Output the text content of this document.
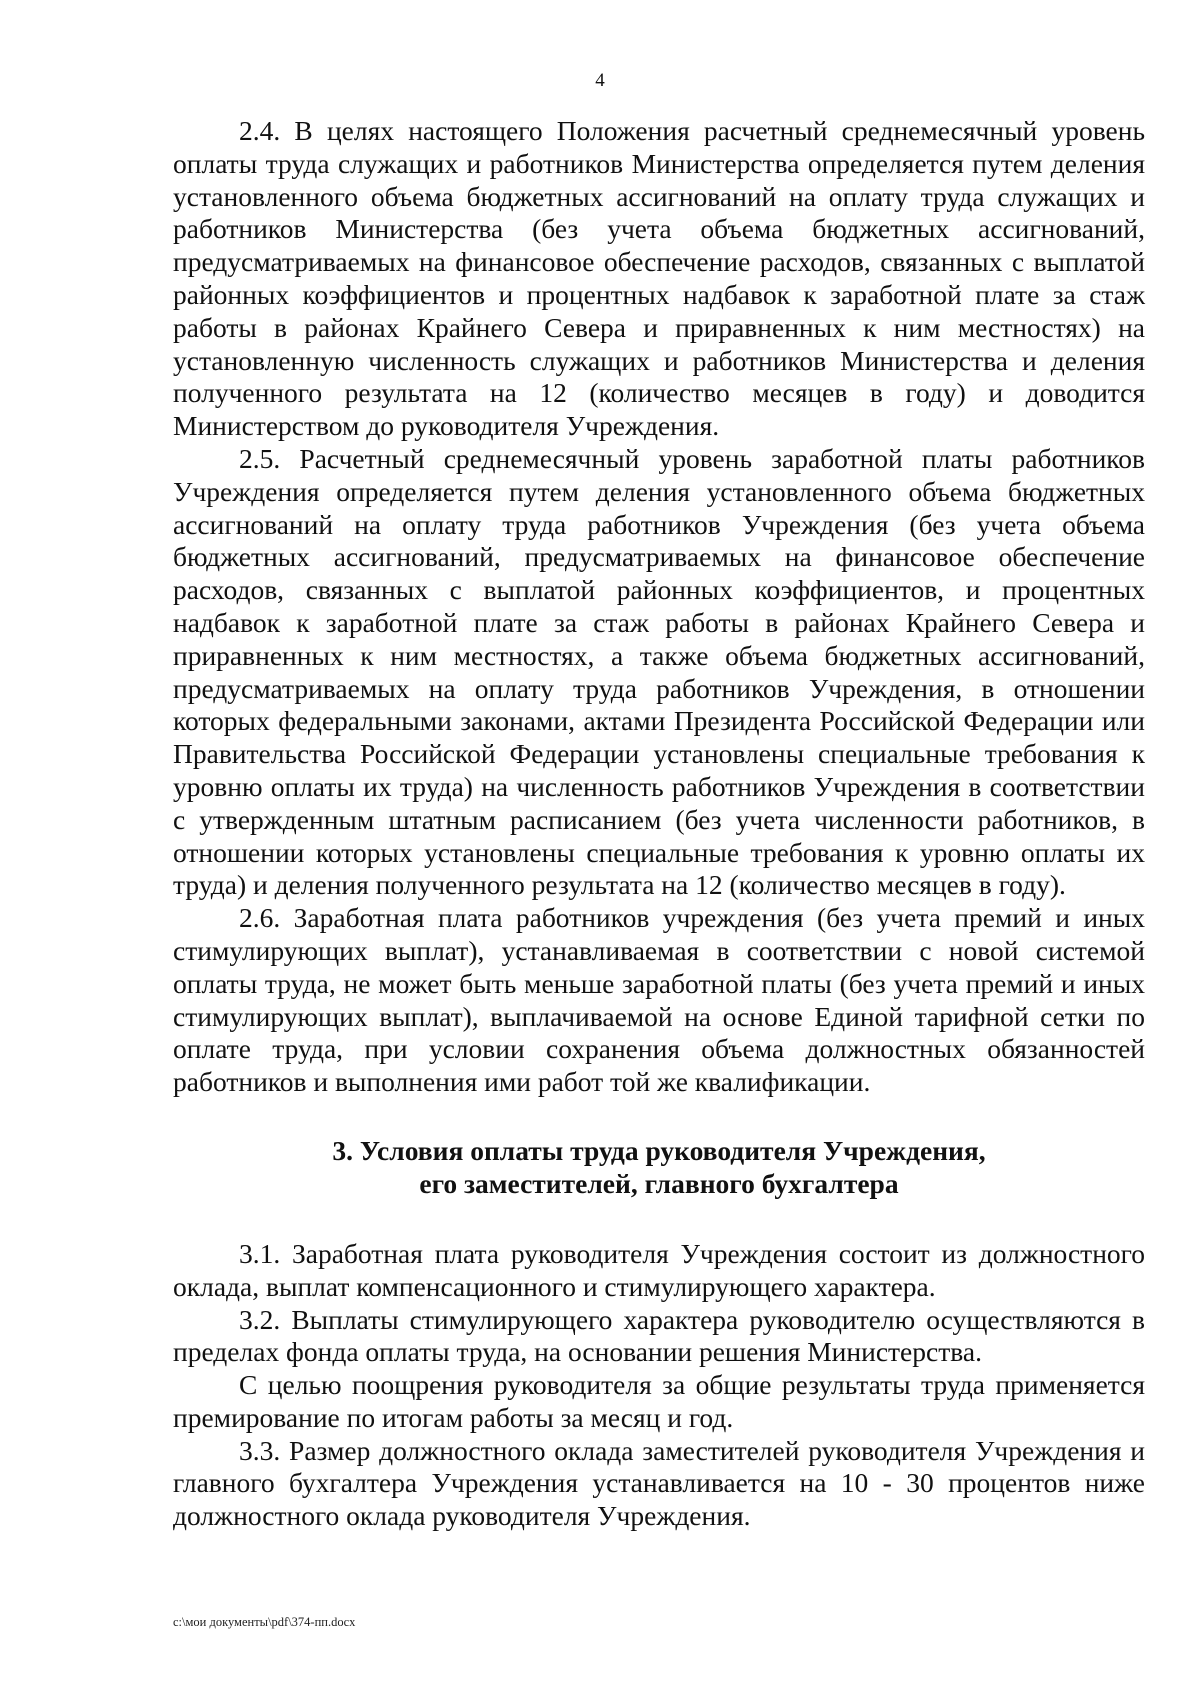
4

2.4. В целях настоящего Положения расчетный среднемесячный уровень оплаты труда служащих и работников Министерства определяется путем деления установленного объема бюджетных ассигнований на оплату труда служащих и работников Министерства (без учета объема бюджетных ассигнований, предусматриваемых на финансовое обеспечение расходов, связанных с выплатой районных коэффициентов и процентных надбавок к заработной плате за стаж работы в районах Крайнего Севера и приравненных к ним местностях) на установленную численность служащих и работников Министерства и деления полученного результата на 12 (количество месяцев в году) и доводится Министерством до руководителя Учреждения.

2.5. Расчетный среднемесячный уровень заработной платы работников Учреждения определяется путем деления установленного объема бюджетных ассигнований на оплату труда работников Учреждения (без учета объема бюджетных ассигнований, предусматриваемых на финансовое обеспечение расходов, связанных с выплатой районных коэффициентов, и процентных надбавок к заработной плате за стаж работы в районах Крайнего Севера и приравненных к ним местностях, а также объема бюджетных ассигнований, предусматриваемых на оплату труда работников Учреждения, в отношении которых федеральными законами, актами Президента Российской Федерации или Правительства Российской Федерации установлены специальные требования к уровню оплаты их труда) на численность работников Учреждения в соответствии с утвержденным штатным расписанием (без учета численности работников, в отношении которых установлены специальные требования к уровню оплаты их труда) и деления полученного результата на 12 (количество месяцев в году).

2.6. Заработная плата работников учреждения (без учета премий и иных стимулирующих выплат), устанавливаемая в соответствии с новой системой оплаты труда, не может быть меньше заработной платы (без учета премий и иных стимулирующих выплат), выплачиваемой на основе Единой тарифной сетки по оплате труда, при условии сохранения объема должностных обязанностей работников и выполнения ими работ той же квалификации.

3. Условия оплаты труда руководителя Учреждения,
его заместителей, главного бухгалтера

3.1. Заработная плата руководителя Учреждения состоит из должностного оклада, выплат компенсационного и стимулирующего характера.

3.2. Выплаты стимулирующего характера руководителю осуществляются в пределах фонда оплаты труда, на основании решения Министерства.

С целью поощрения руководителя за общие результаты труда применяется премирование по итогам работы за месяц и год.

3.3. Размер должностного оклада заместителей руководителя Учреждения и главного бухгалтера Учреждения устанавливается на 10 - 30 процентов ниже должностного оклада руководителя Учреждения.

c:\мои документы\pdf\374-пп.docx
